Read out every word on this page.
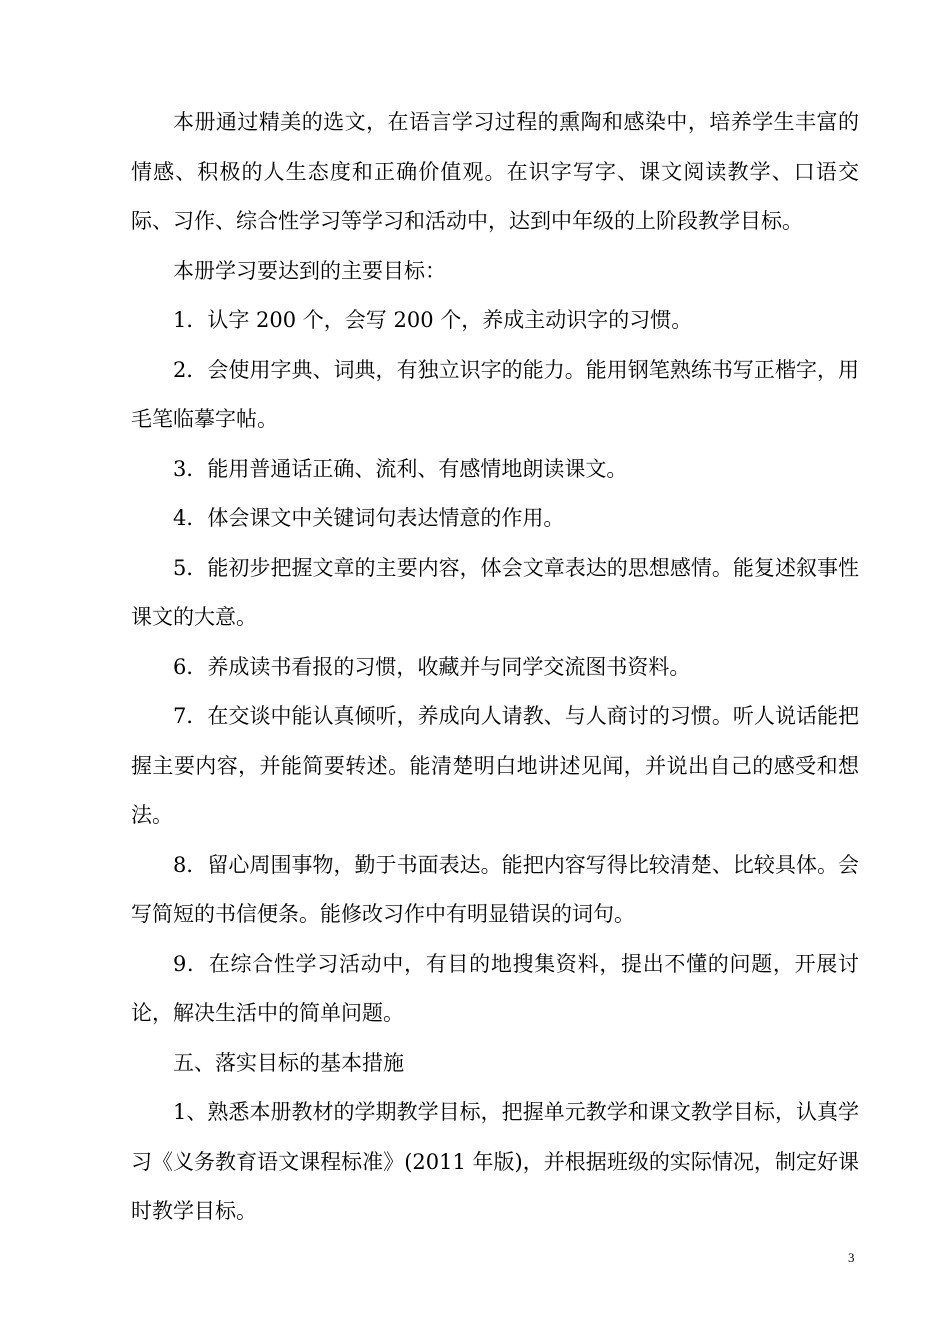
本册通过精美的选文，在语言学习过程的熏陶和感染中，培养学生丰富的情感、积极的人生态度和正确价值观。在识字写字、课文阅读教学、口语交际、习作、综合性学习等学习和活动中，达到中年级的上阶段教学目标。

本册学习要达到的主要目标：

1．认字 200 个，会写 200 个，养成主动识字的习惯。

2．会使用字典、词典，有独立识字的能力。能用钢笔熟练书写正楷字，用毛笔临摹字帖。

3．能用普通话正确、流利、有感情地朗读课文。

4．体会课文中关键词句表达情意的作用。

5．能初步把握文章的主要内容，体会文章表达的思想感情。能复述叙事性课文的大意。

6．养成读书看报的习惯，收藏并与同学交流图书资料。

7．在交谈中能认真倾听，养成向人请教、与人商讨的习惯。听人说话能把握主要内容，并能简要转述。能清楚明白地讲述见闻，并说出自己的感受和想法。

8．留心周围事物，勤于书面表达。能把内容写得比较清楚、比较具体。会写简短的书信便条。能修改习作中有明显错误的词句。

9．在综合性学习活动中，有目的地搜集资料，提出不懂的问题，开展讨论，解决生活中的简单问题。

五、落实目标的基本措施

1、熟悉本册教材的学期教学目标，把握单元教学和课文教学目标，认真学习《义务教育语文课程标准》(2011 年版)，并根据班级的实际情况，制定好课时教学目标。

3
